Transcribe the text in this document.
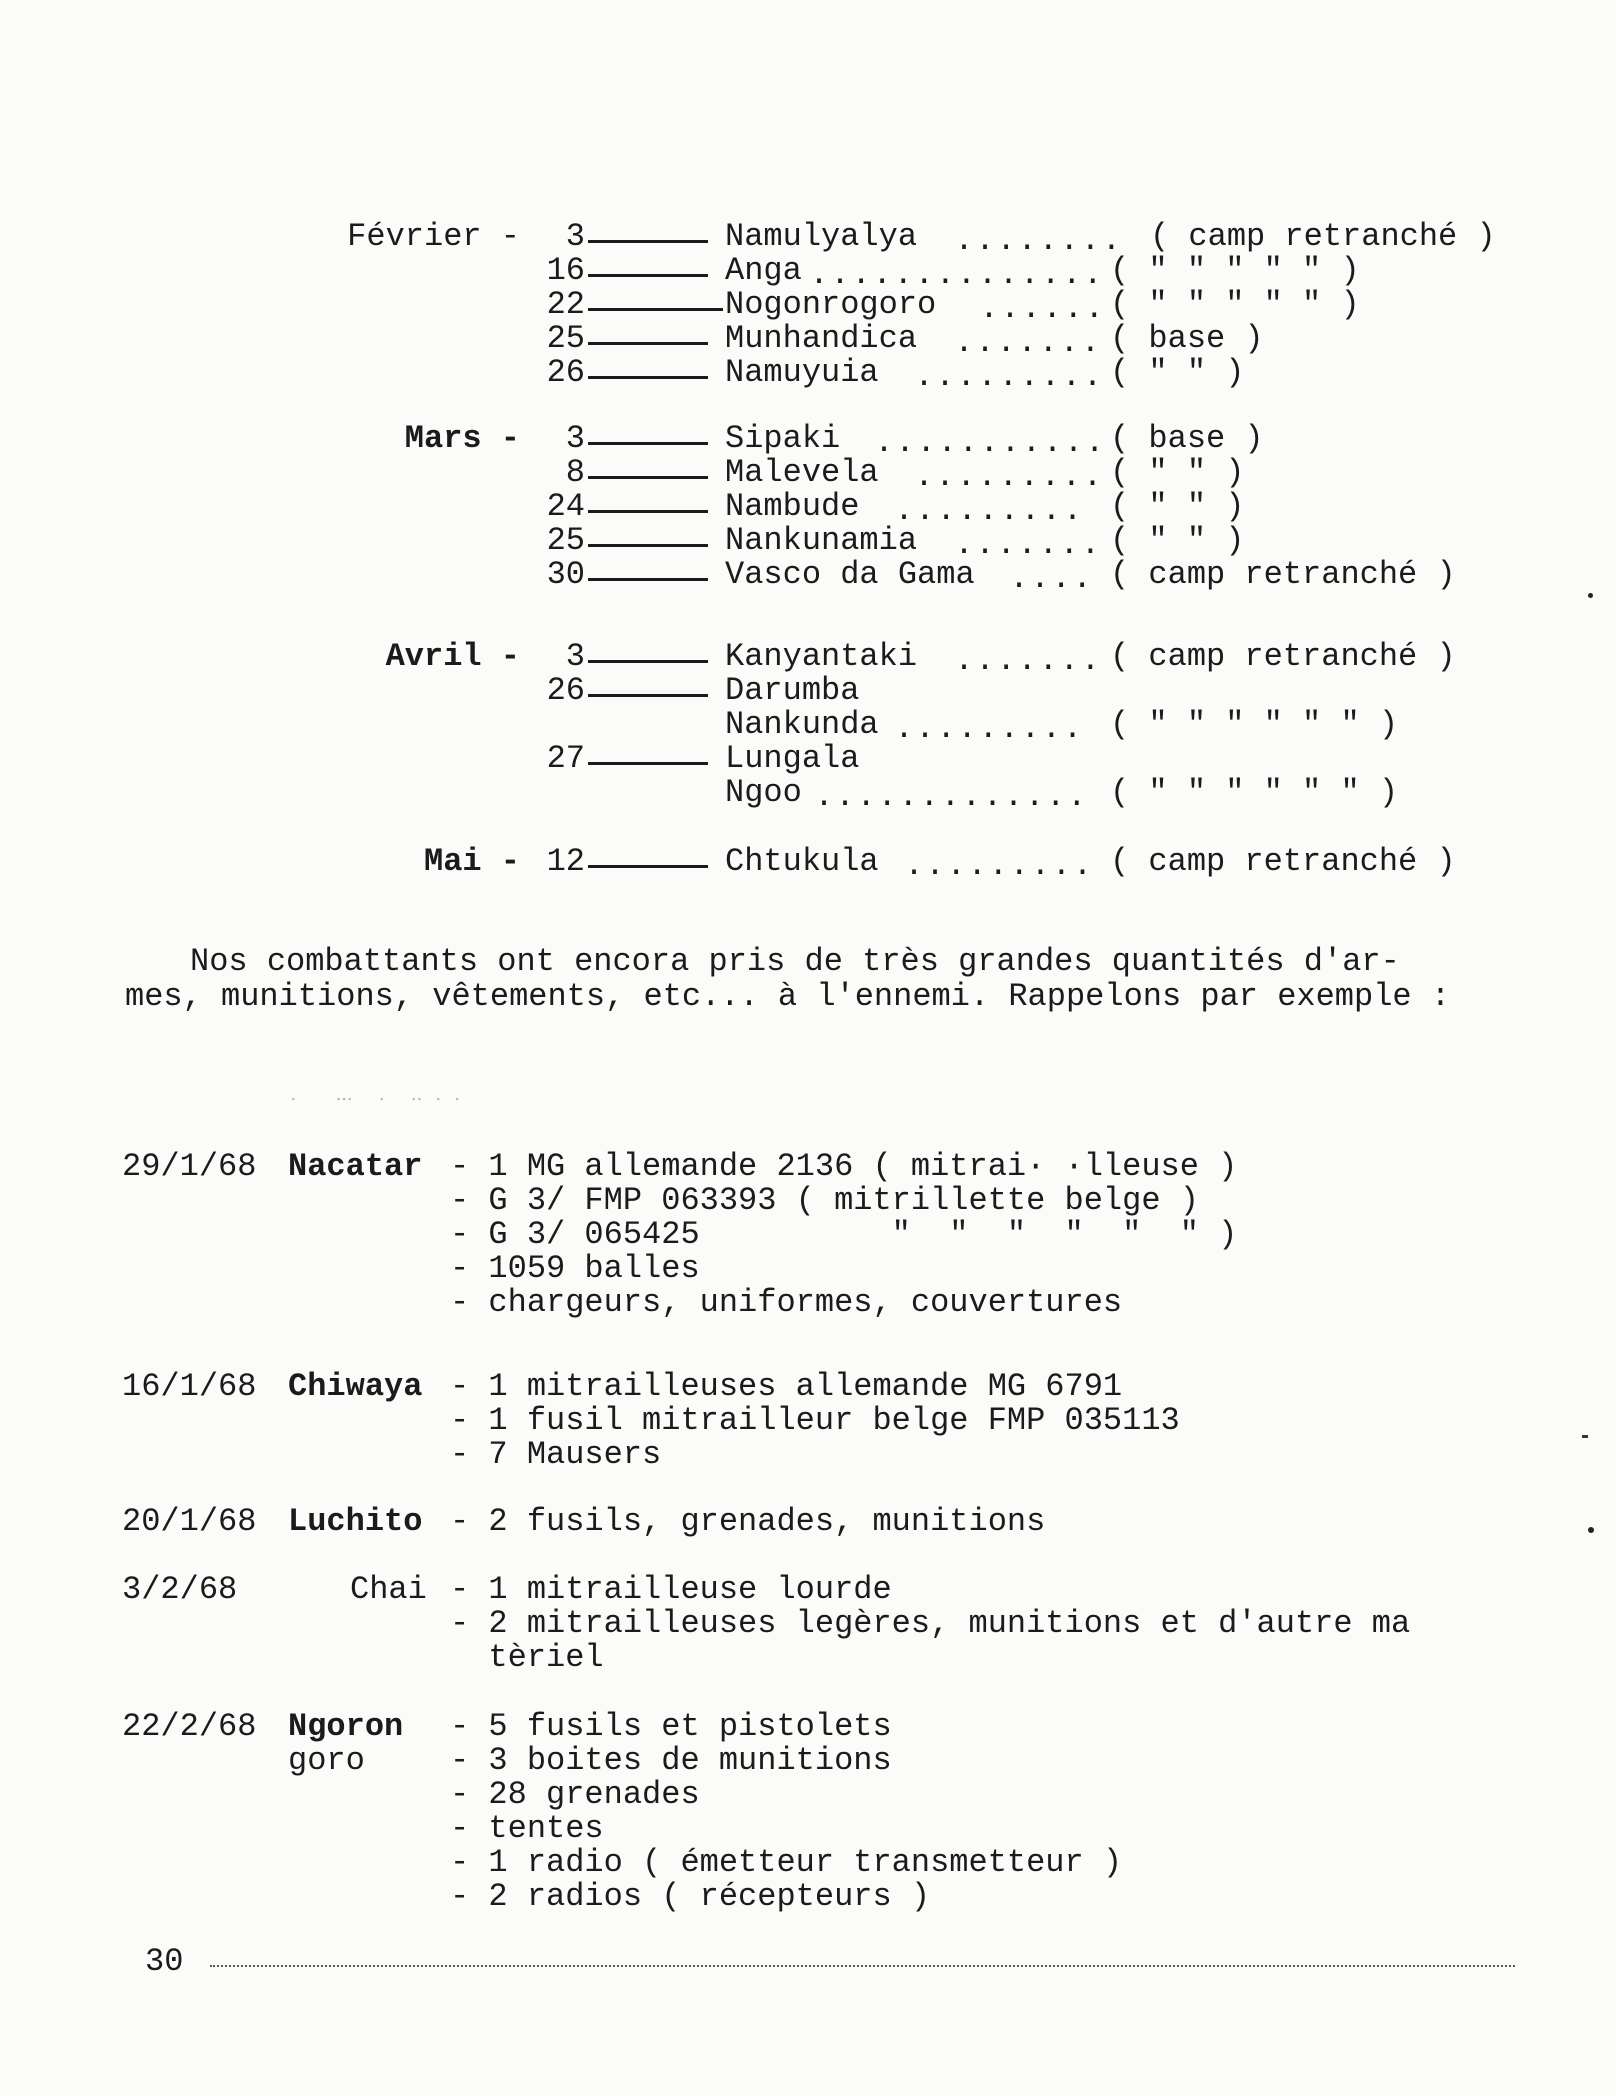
Février -	3	Namulyalya	( camp retranché )
16	Anga	( " " " " " )
22	Nogonrogoro	( " " " " " )
25	Munhandica	( base )
26	Namuyuia	( " " )
........
..............
......
.......
.........
Mars -	3	Sipaki ........... ( base )
8	Malevela ......... ( " " )
24	Nambude ......... ( " " )
25	Nankunamia ....... ( " " )
30	Vasco da Gama .... ( camp retranché )
Avril -	3	Kanyantaki ....... ( camp retranché )
26	Darumba
Nankunda ......... ( " " " " " " )
27	Lungala
Ngoo ............. ( " " " " " " )
Mai - 12	Chtukula ......... ( camp retranché )
Nos combattants ont encora pris de très grandes quantités d'ar-
mes, munitions, vêtements, etc... à l'ennemi. Rappelons par exemple :
ᐧ   ᐧᐧᐧ  ᐧ  ᐧᐧ ᐧ ᐧ
29/1/68 Nacatar - 1 MG allemande 2136 ( mitrai· ·lleuse )
- G 3/ FMP 063393 ( mitrillette belge )
- G 3/ 065425          "  "  "  "  "  " )
- 1059 balles
- chargeurs, uniformes, couvertures
16/1/68 Chiwaya - 1 mitrailleuses allemande MG 6791
- 1 fusil mitrailleur belge FMP 035113
- 7 Mausers
20/1/68 Luchito - 2 fusils, grenades, munitions
3/2/68	Chai - 1 mitrailleuse lourde
- 2 mitrailleuses legères, munitions et d'autre ma
tèriel
22/2/68 Ngoron
goro
- 5 fusils et pistolets
- 3 boites de munitions
- 28 grenades
- tentes
- 1 radio ( émetteur transmetteur )
- 2 radios ( récepteurs )
30
